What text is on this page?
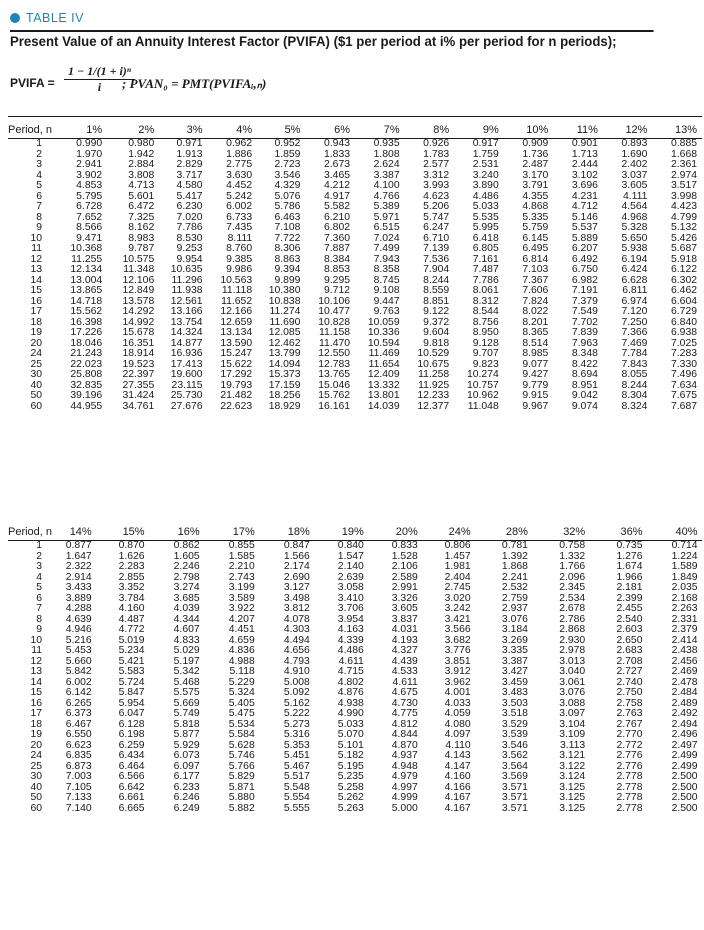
TABLE IV
Present Value of an Annuity Interest Factor (PVIFA) ($1 per period at i% per period for n periods);
PVIFA = $\frac{\text{1 − 1/(1 + i)ⁿ}}{i}$
; PVAN₀ = PMT(PVIFAᵢ,ₙ)
Period, n	1%	2%	3%	4%	5%	6%	7%	8%	9%	10%	11%	12%	13%
1	0.990	0.980	0.971	0.962	0.952	0.943	0.935	0.926	0.917	0.909	0.901	0.893	0.885
2	1.970	1.942	1.913	1.886	1.859	1.833	1.808	1.783	1.759	1.736	1.713	1.690	1.668
3	2.941	2.884	2.829	2.775	2.723	2.673	2.624	2.577	2.531	2.487	2.444	2.402	2.361
4	3.902	3.808	3.717	3.630	3.546	3.465	3.387	3.312	3.240	3.170	3.102	3.037	2.974
5	4.853	4.713	4.580	4.452	4.329	4.212	4.100	3.993	3.890	3.791	3.696	3.605	3.517
6	5.795	5.601	5.417	5.242	5.076	4.917	4.766	4.623	4.486	4.355	4.231	4.111	3.998
7	6.728	6.472	6.230	6.002	5.786	5.582	5.389	5.206	5.033	4.868	4.712	4.564	4.423
8	7.652	7.325	7.020	6.733	6.463	6.210	5.971	5.747	5.535	5.335	5.146	4.968	4.799
9	8.566	8.162	7.786	7.435	7.108	6.802	6.515	6.247	5.995	5.759	5.537	5.328	5.132
10	9.471	8.983	8.530	8.111	7.722	7.360	7.024	6.710	6.418	6.145	5.889	5.650	5.426
11	10.368	9.787	9.253	8.760	8.306	7.887	7.499	7.139	6.805	6.495	6.207	5.938	5.687
12	11.255	10.575	9.954	9.385	8.863	8.384	7.943	7.536	7.161	6.814	6.492	6.194	5.918
13	12.134	11.348	10.635	9.986	9.394	8.853	8.358	7.904	7.487	7.103	6.750	6.424	6.122
14	13.004	12.106	11.296	10.563	9.899	9.295	8.745	8.244	7.786	7.367	6.982	6.628	6.302
15	13.865	12.849	11.938	11.118	10.380	9.712	9.108	8.559	8.061	7.606	7.191	6.811	6.462
16	14.718	13.578	12.561	11.652	10.838	10.106	9.447	8.851	8.312	7.824	7.379	6.974	6.604
17	15.562	14.292	13.166	12.166	11.274	10.477	9.763	9.122	8.544	8.022	7.549	7.120	6.729
18	16.398	14.992	13.754	12.659	11.690	10.828	10.059	9.372	8.756	8.201	7.702	7.250	6.840
19	17.226	15.678	14.324	13.134	12.085	11.158	10.336	9.604	8.950	8.365	7.839	7.366	6.938
20	18.046	16.351	14.877	13.590	12.462	11.470	10.594	9.818	9.128	8.514	7.963	7.469	7.025
24	21.243	18.914	16.936	15.247	13.799	12.550	11.469	10.529	9.707	8.985	8.348	7.784	7.283
25	22.023	19.523	17.413	15.622	14.094	12.783	11.654	10.675	9.823	9.077	8.422	7.843	7.330
30	25.808	22.397	19.600	17.292	15.373	13.765	12.409	11.258	10.274	9.427	8.694	8.055	7.496
40	32.835	27.355	23.115	19.793	17.159	15.046	13.332	11.925	10.757	9.779	8.951	8.244	7.634
50	39.196	31.424	25.730	21.482	18.256	15.762	13.801	12.233	10.962	9.915	9.042	8.304	7.675
60	44.955	34.761	27.676	22.623	18.929	16.161	14.039	12.377	11.048	9.967	9.074	8.324	7.687
Period, n	14%	15%	16%	17%	18%	19%	20%	24%	28%	32%	36%	40%
1	0.877	0.870	0.862	0.855	0.847	0.840	0.833	0.806	0.781	0.758	0.735	0.714
2	1.647	1.626	1.605	1.585	1.566	1.547	1.528	1.457	1.392	1.332	1.276	1.224
3	2.322	2.283	2.246	2.210	2.174	2.140	2.106	1.981	1.868	1.766	1.674	1.589
4	2.914	2.855	2.798	2.743	2.690	2.639	2.589	2.404	2.241	2.096	1.966	1.849
5	3.433	3.352	3.274	3.199	3.127	3.058	2.991	2.745	2.532	2.345	2.181	2.035
6	3.889	3.784	3.685	3.589	3.498	3.410	3.326	3.020	2.759	2.534	2.399	2.168
7	4.288	4.160	4.039	3.922	3.812	3.706	3.605	3.242	2.937	2.678	2.455	2.263
8	4.639	4.487	4.344	4.207	4.078	3.954	3.837	3.421	3.076	2.786	2.540	2.331
9	4.946	4.772	4.607	4.451	4.303	4.163	4.031	3.566	3.184	2.868	2.603	2.379
10	5.216	5.019	4.833	4.659	4.494	4.339	4.193	3.682	3.269	2.930	2.650	2.414
11	5.453	5.234	5.029	4.836	4.656	4.486	4.327	3.776	3.335	2.978	2.683	2.438
12	5.660	5.421	5.197	4.988	4.793	4.611	4.439	3.851	3.387	3.013	2.708	2.456
13	5.842	5.583	5.342	5.118	4.910	4.715	4.533	3.912	3.427	3.040	2.727	2.469
14	6.002	5.724	5.468	5.229	5.008	4.802	4.611	3.962	3.459	3.061	2.740	2.478
15	6.142	5.847	5.575	5.324	5.092	4.876	4.675	4.001	3.483	3.076	2.750	2.484
16	6.265	5.954	5.669	5.405	5.162	4.938	4.730	4.033	3.503	3.088	2.758	2.489
17	6.373	6.047	5.749	5.475	5.222	4.990	4.775	4.059	3.518	3.097	2.763	2.492
18	6.467	6.128	5.818	5.534	5.273	5.033	4.812	4.080	3.529	3.104	2.767	2.494
19	6.550	6.198	5.877	5.584	5.316	5.070	4.844	4.097	3.539	3.109	2.770	2.496
20	6.623	6.259	5.929	5.628	5.353	5.101	4.870	4.110	3.546	3.113	2.772	2.497
24	6.835	6.434	6.073	5.746	5.451	5.182	4.937	4.143	3.562	3.121	2.776	2.499
25	6.873	6.464	6.097	5.766	5.467	5.195	4.948	4.147	3.564	3.122	2.776	2.499
30	7.003	6.566	6.177	5.829	5.517	5.235	4.979	4.160	3.569	3.124	2.778	2.500
40	7.105	6.642	6.233	5.871	5.548	5.258	4.997	4.166	3.571	3.125	2.778	2.500
50	7.133	6.661	6.246	5.880	5.554	5.262	4.999	4.167	3.571	3.125	2.778	2.500
60	7.140	6.665	6.249	5.882	5.555	5.263	5.000	4.167	3.571	3.125	2.778	2.500
